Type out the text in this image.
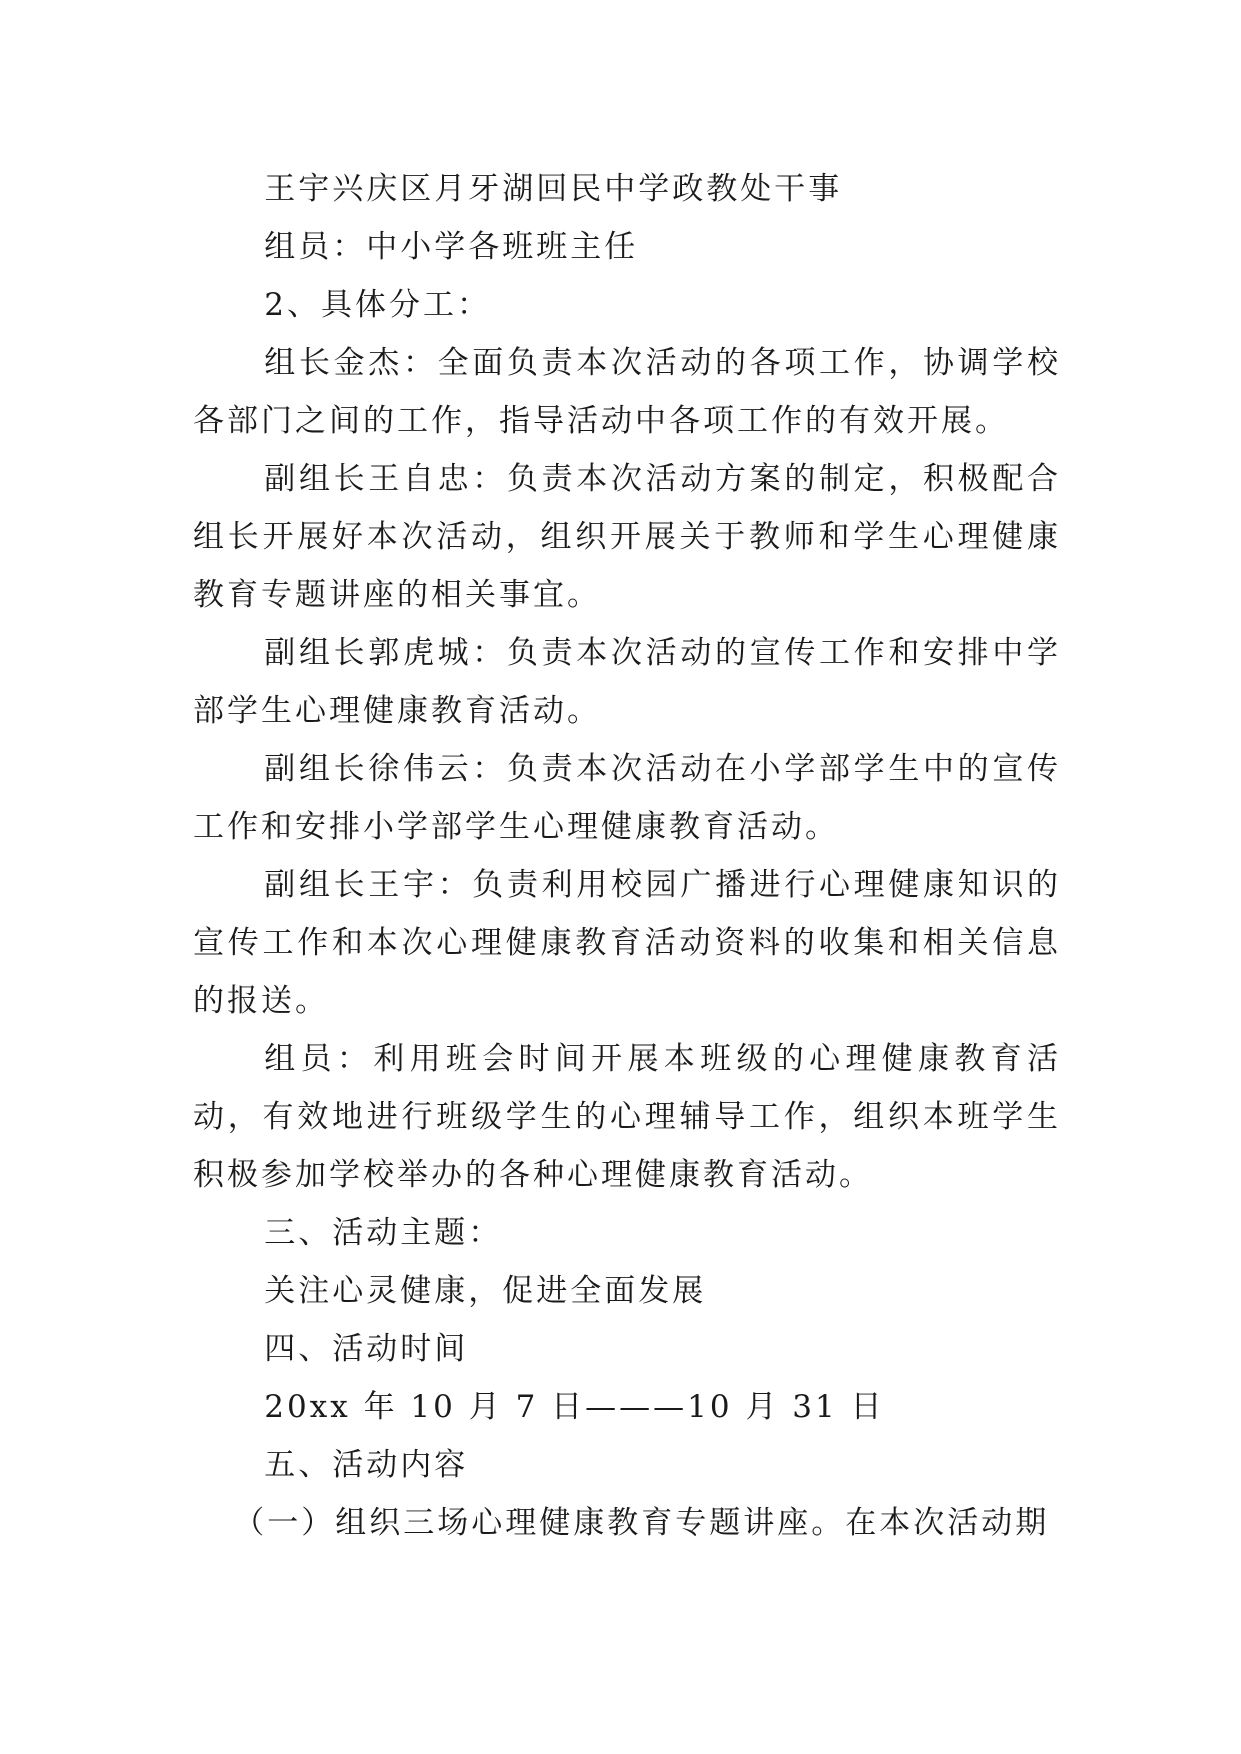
王宇兴庆区月牙湖回民中学政教处干事

组员：中小学各班班主任

2、具体分工：

组长金杰：全面负责本次活动的各项工作，协调学校各部门之间的工作，指导活动中各项工作的有效开展。

副组长王自忠：负责本次活动方案的制定，积极配合组长开展好本次活动，组织开展关于教师和学生心理健康教育专题讲座的相关事宜。

副组长郭虎城：负责本次活动的宣传工作和安排中学部学生心理健康教育活动。

副组长徐伟云：负责本次活动在小学部学生中的宣传工作和安排小学部学生心理健康教育活动。

副组长王宇：负责利用校园广播进行心理健康知识的宣传工作和本次心理健康教育活动资料的收集和相关信息的报送。

组员：利用班会时间开展本班级的心理健康教育活动，有效地进行班级学生的心理辅导工作，组织本班学生积极参加学校举办的各种心理健康教育活动。

三、活动主题：

关注心灵健康，促进全面发展

四、活动时间

20xx 年 10 月 7 日———10 月 31 日

五、活动内容

（一）组织三场心理健康教育专题讲座。在本次活动期
